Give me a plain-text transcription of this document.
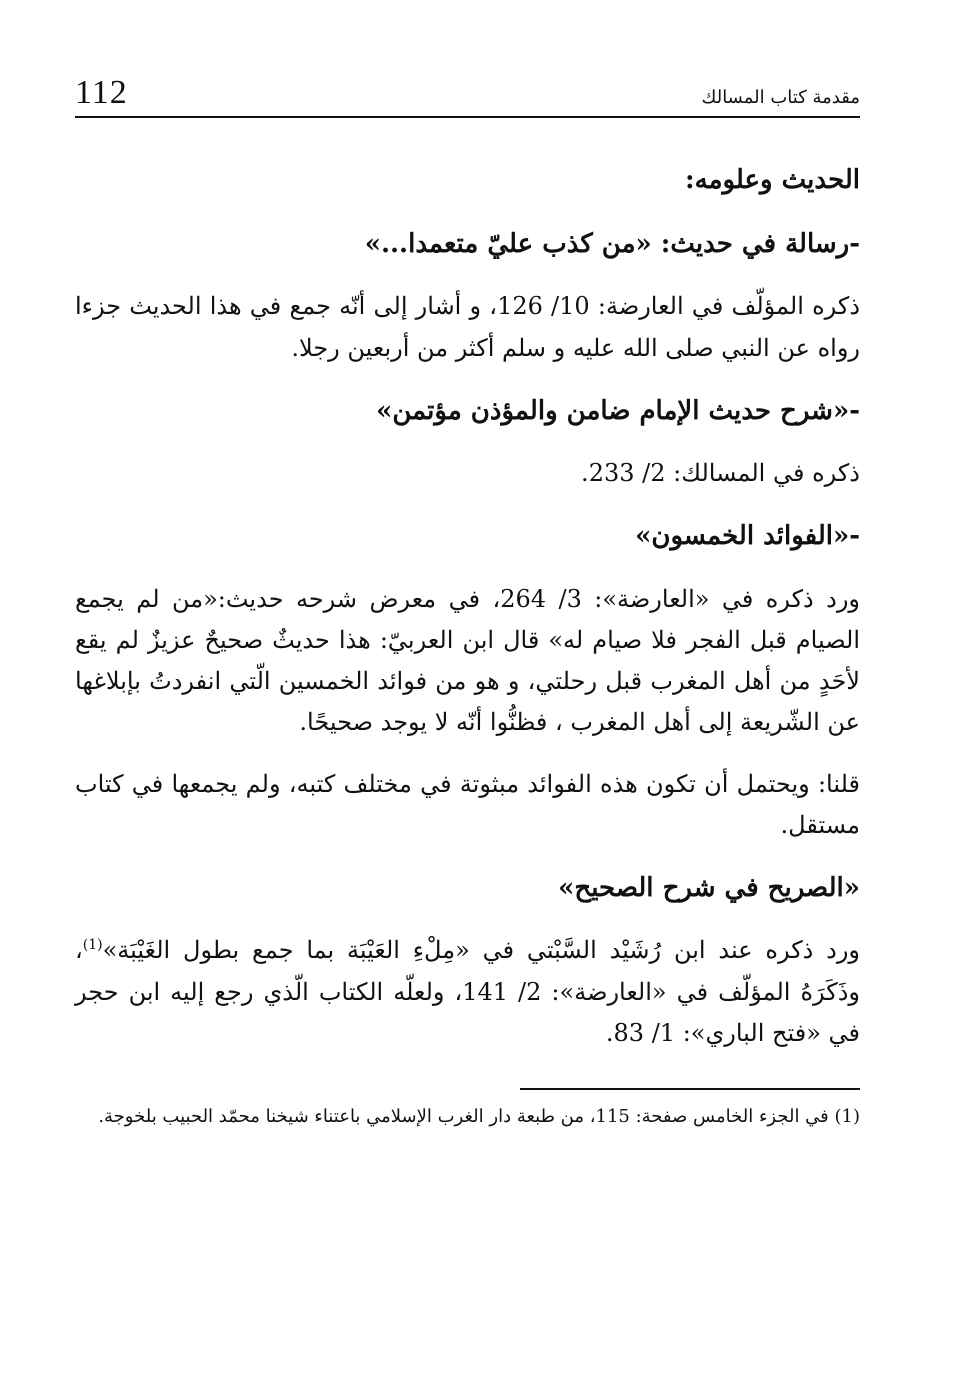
مقدمة كتاب المسالك
112
الحديث وعلومه:
-رسالة في حديث: «من كذب عليّ متعمدا...»

ذكره المؤلّف في العارضة: 10/ 126، و أشار إلى أنّه جمع في هذا الحديث جزءا رواه عن النبي صلى الله عليه و سلم أكثر من أربعين رجلا.

-«شرح حديث الإمام ضامن والمؤذن مؤتمن»

ذكره في المسالك: 2/ 233.

-«الفوائد الخمسون»

ورد ذكره في «العارضة»: 3/ 264، في معرض شرحه حديث:«من لم يجمع الصيام قبل الفجر فلا صيام له» قال ابن العربيّ: هذا حديثٌ صحيحٌ عزيزٌ لم يقع لأحَدٍ من أهل المغرب قبل رحلتي، و هو من فوائد الخمسين الّتي انفردتُ بإبلاغها عن الشّريعة إلى أهل المغرب ، فظنُّوا أنّه لا يوجد صحيحًا.

قلنا: ويحتمل أن تكون هذه الفوائد مبثوتة في مختلف كتبه، ولم يجمعها في كتاب مستقل.

«الصريح في شرح الصحيح»

ورد ذكره عند ابن رُشَيْد السَّبْتي في «مِلْءِ العَيْبَة بما جمع بطول الغَيْبَة»$^{(1)}$، وذَكَرَهُ المؤلّف في «العارضة»: 2/ 141، ولعلّه الكتاب الّذي رجع إليه ابن حجر في «فتح الباري»: 1/ 83.

(1) في الجزء الخامس صفحة: 115، من طبعة دار الغرب الإسلامي باعتناء شيخنا محمّد الحبيب بلخوجة.
